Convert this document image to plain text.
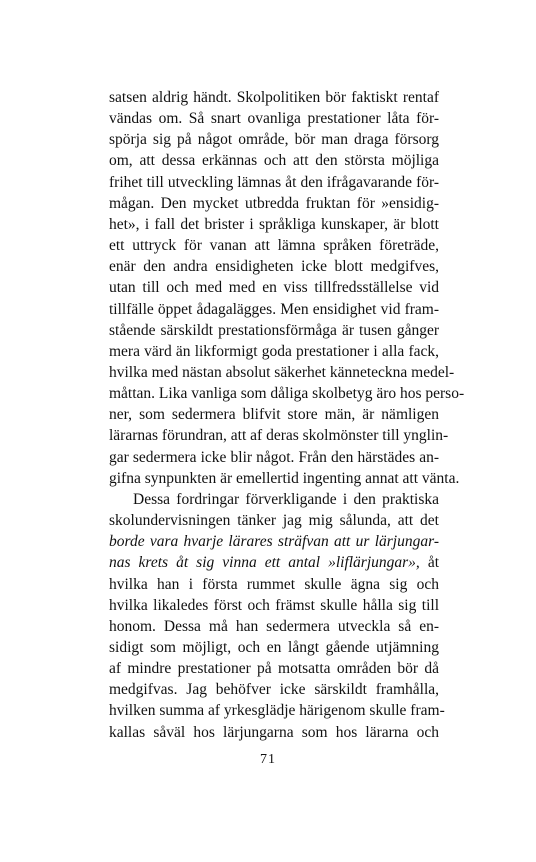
satsen aldrig händt. Skolpolitiken bör faktiskt rentaf
vändas om. Så snart ovanliga prestationer låta för-
spörja sig på något område, bör man draga försorg
om, att dessa erkännas och att den största möjliga
frihet till utveckling lämnas åt den ifrågavarande för-
mågan. Den mycket utbredda fruktan för »ensidig-
het», i fall det brister i språkliga kunskaper, är blott
ett uttryck för vanan att lämna språken företräde,
enär den andra ensidigheten icke blott medgifves,
utan till och med med en viss tillfredsställelse vid
tillfälle öppet ådagalägges. Men ensidighet vid fram-
stående särskildt prestationsförmåga är tusen gånger
mera värd än likformigt goda prestationer i alla fack,
hvilka med nästan absolut säkerhet känneteckna medel-
måttan. Lika vanliga som dåliga skolbetyg äro hos perso-
ner, som sedermera blifvit store män, är nämligen
lärarnas förundran, att af deras skolmönster till ynglin-
gar sedermera icke blir något. Från den härstädes an-
gifna synpunkten är emellertid ingenting annat att vänta.
Dessa fordringar förverkligande i den praktiska
skolundervisningen tänker jag mig sålunda, att det
borde vara hvarje lärares sträfvan att ur lärjungar-
nas krets åt sig vinna ett antal »liflärjungar», åt
hvilka han i första rummet skulle ägna sig och
hvilka likaledes först och främst skulle hålla sig till
honom. Dessa må han sedermera utveckla så en-
sidigt som möjligt, och en långt gående utjämning
af mindre prestationer på motsatta områden bör då
medgifvas. Jag behöfver icke särskildt framhålla,
hvilken summa af yrkesglädje härigenom skulle fram-
kallas såväl hos lärjungarna som hos lärarna och
71
